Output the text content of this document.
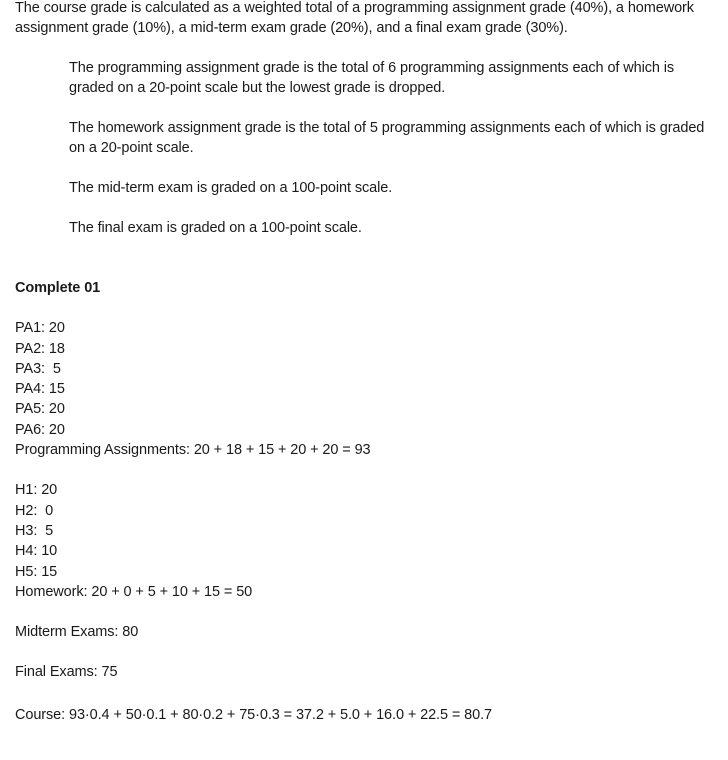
The course grade is calculated as a weighted total of a programming assignment grade (40%), a homework assignment grade (10%), a mid-term exam grade (20%), and a final exam grade (30%).

The programming assignment grade is the total of 6 programming assignments each of which is graded on a 20-point scale but the lowest grade is dropped.

The homework assignment grade is the total of 5 programming assignments each of which is graded on a 20-point scale.

The mid-term exam is graded on a 100-point scale.

The final exam is graded on a 100-point scale.

Complete 01

PA1: 20

PA2: 18

PA3:  5

PA4: 15

PA5: 20

PA6: 20

Programming Assignments: 20 + 18 + 15 + 20 + 20 = 93

H1: 20

H2:  0

H3:  5

H4: 10

H5: 15

Homework: 20 + 0 + 5 + 10 + 15 = 50

Midterm Exams: 80

Final Exams: 75

Course: 93·0.4 + 50·0.1 + 80·0.2 + 75·0.3 = 37.2 + 5.0 + 16.0 + 22.5 = 80.7
